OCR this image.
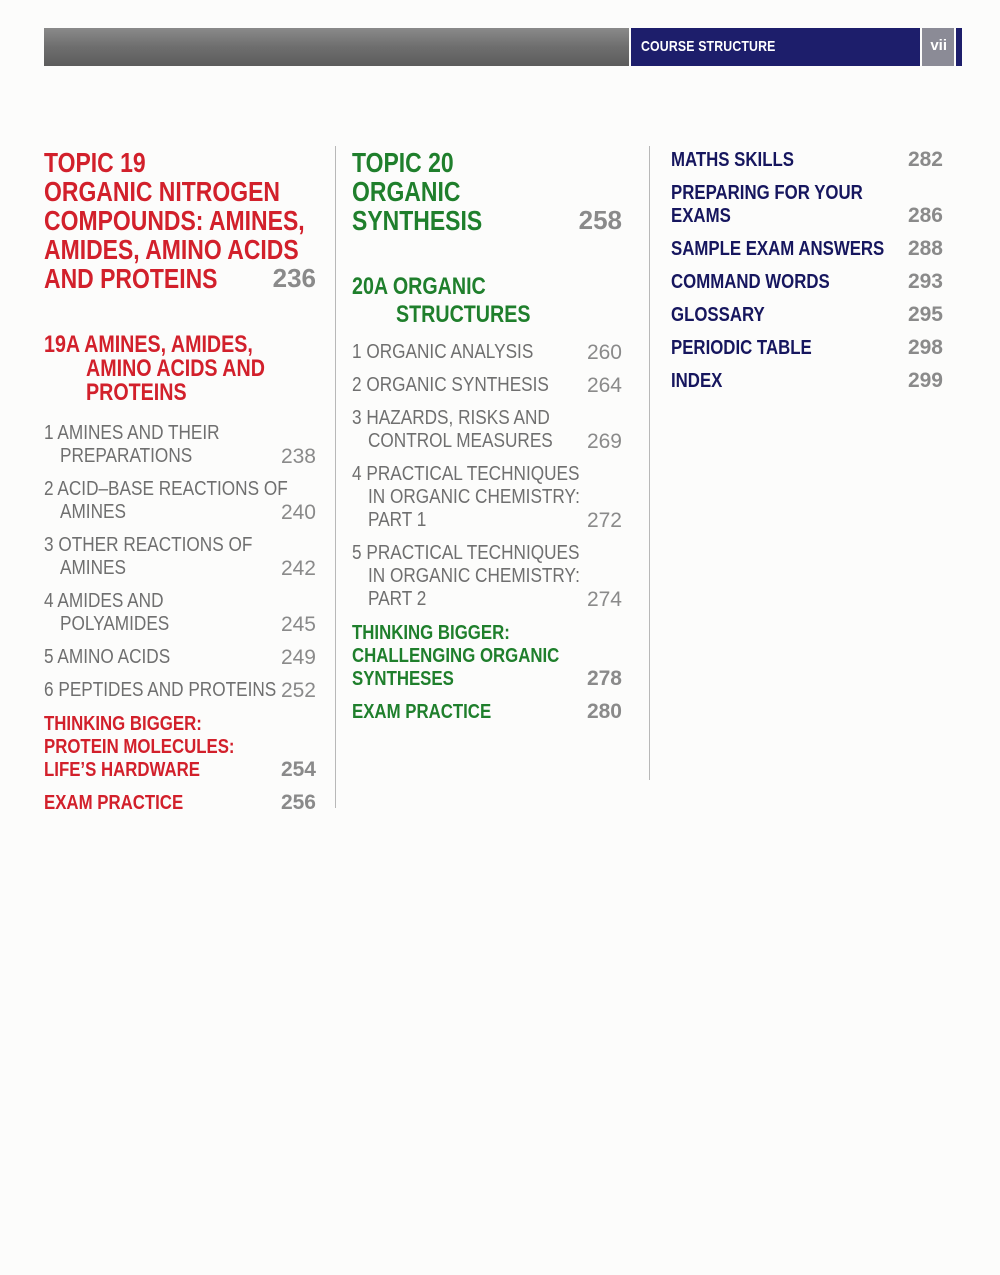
COURSE STRUCTURE	vii
TOPIC 19
ORGANIC NITROGEN
COMPOUNDS: AMINES,
AMIDES, AMINO ACIDS
AND PROTEINS 236
19A AMINES, AMIDES,
AMINO ACIDS AND
PROTEINS
1 AMINES AND THEIR
PREPARATIONS	238
2 ACID–BASE REACTIONS OF
AMINES	240
3 OTHER REACTIONS OF
AMINES	242
4 AMIDES AND
POLYAMIDES	245
5 AMINO ACIDS	249
6 PEPTIDES AND PROTEINS 252
THINKING BIGGER:
PROTEIN MOLECULES:
LIFE’S HARDWARE	254
EXAM PRACTICE	256
TOPIC 20
ORGANIC
SYNTHESIS	258
20A ORGANIC
STRUCTURES
1 ORGANIC ANALYSIS	260
2 ORGANIC SYNTHESIS 264
3 HAZARDS, RISKS AND
CONTROL MEASURES 269
4 PRACTICAL TECHNIQUES
IN ORGANIC CHEMISTRY:
PART 1	272
5 PRACTICAL TECHNIQUES
IN ORGANIC CHEMISTRY:
PART 2	274
THINKING BIGGER:
CHALLENGING ORGANIC
SYNTHESES	278
EXAM PRACTICE	280
MATHS SKILLS	282
PREPARING FOR YOUR
EXAMS	286
SAMPLE EXAM ANSWERS 288
COMMAND WORDS	293
GLOSSARY	295
PERIODIC TABLE	298
INDEX	299
